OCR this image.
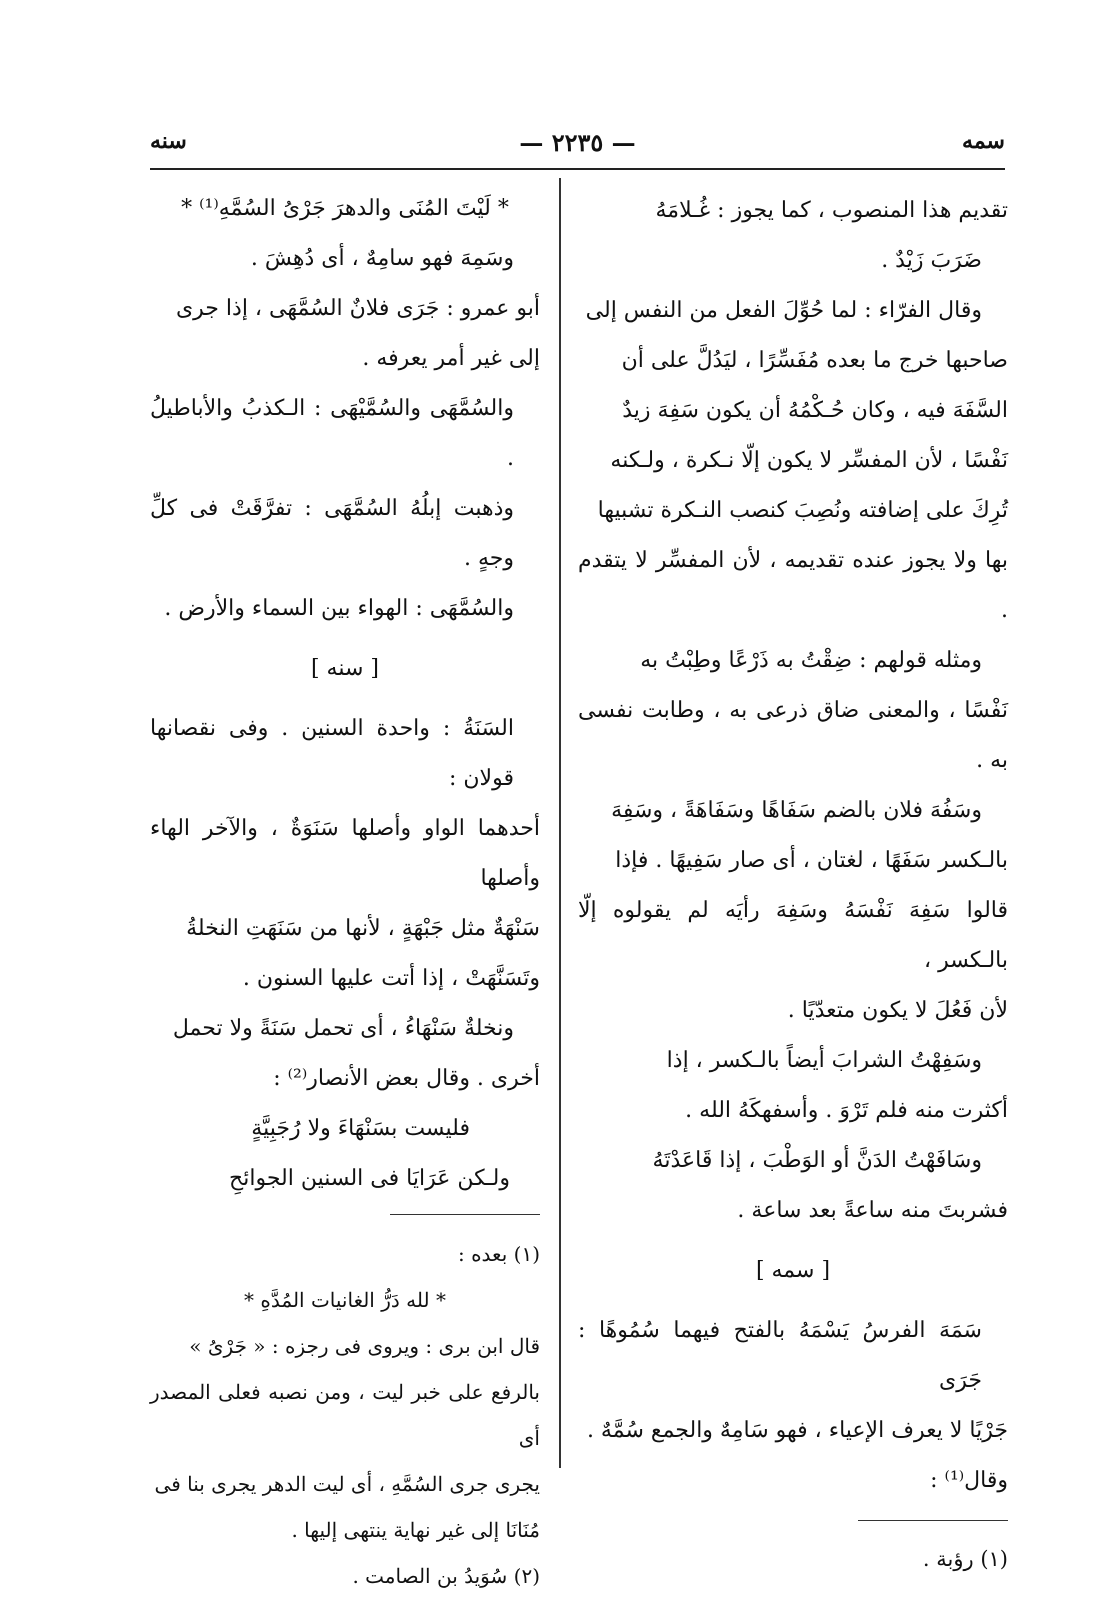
سنه	— ٢٢٣٥ —	سمه

تقديم هذا المنصوب ، كما يجوز : غُـلامَهُ

ضَرَبَ زَيْدٌ .

وقال الفرّاء : لما حُوِّلَ الفعل من النفس إلى

صاحبها خرج ما بعده مُفَسِّرًا ، ليَدُلَّ على أن

السَّفَهَ فيه ، وكان حُـكْمُهُ أن يكون سَفِهَ زيدٌ

نَفْسًا ، لأن المفسِّر لا يكون إلّا نـكرة ، ولـكنه

تُرِكَ على إضافته ونُصِبَ كنصب النـكرة تشبيها

بها ولا يجوز عنده تقديمه ، لأن المفسِّر لا يتقدم .

ومثله قولهم : ضِقْتُ به ذَرْعًا وطِبْتُ به

نَفْسًا ، والمعنى ضاق ذرعى به ، وطابت نفسى به .

وسَفُهَ فلان بالضم سَفَاهًا وسَفَاهَةً ، وسَفِهَ

بالـكسر سَفَهًا ، لغتان ، أى صار سَفِيهًا . فإذا

قالوا سَفِهَ نَفْسَهُ وسَفِهَ رأيَه لم يقولوه إلّا بالـكسر ،

لأن فَعُلَ لا يكون متعدّيًا .

وسَفِهْتُ الشرابَ أيضاً بالـكسر ، إذا

أكثرت منه فلم تَرْوَ . وأسفهكَهُ الله .

وسَافَهْتُ الدَنَّ أو الوَطْبَ ، إذا قَاعَدْتَهُ

فشربتَ منه ساعةً بعد ساعة .

[ سمه ]

سَمَهَ الفرسُ يَسْمَهُ بالفتح فيهما سُمُوهًا : جَرَى

جَرْيًا لا يعرف الإعياء ، فهو سَامِهٌ والجمع سُمَّهٌ .

وقال⁽¹⁾ :

(١) رؤبة .

* لَيْتَ المُنَى والدهرَ جَرْىُ السُمَّهِ⁽¹⁾ *

وسَمِهَ فهو سامِهٌ ، أى دُهِشَ .

أبو عمرو : جَرَى فلانٌ السُمَّهَى ، إذا جرى

إلى غير أمر يعرفه .

والسُمَّهَى والسُمَّيْهَى : الـكذبُ والأباطيلُ .

وذهبت إبلُهُ السُمَّهَى : تفرَّقَتْ فى كلِّ وجهٍ .

والسُمَّهَى : الهواء بين السماء والأرض .

[ سنه ]

السَنَةُ : واحدة السنين . وفى نقصانها قولان :

أحدهما الواو وأصلها سَنَوَةٌ ، والآخر الهاء وأصلها

سَنْهَةٌ مثل جَبْهَةٍ ، لأنها من سَنَهَتِ النخلةُ

وتَسَنَّهَتْ ، إذا أتت عليها السنون .

ونخلةٌ سَنْهَاءُ ، أى تحمل سَنَةً ولا تحمل

أخرى . وقال بعض الأنصار⁽²⁾ :

فليست بسَنْهَاءَ ولا رُجَبِيَّةٍ

ولـكن عَرَايَا فى السنين الجوائحِ

(١) بعده :

* لله دَرُّ الغانيات المُدَّهِ *

قال ابن برى : ويروى فى رجزه : « جَرْىُ »

بالرفع على خبر ليت ، ومن نصبه فعلى المصدر أى

يجرى جرى السُمَّهِ ، أى ليت الدهر يجرى بنا فى

مُنَانَا إلى غير نهاية ينتهى إليها .

(٢) سُوَيدُ بن الصامت .
